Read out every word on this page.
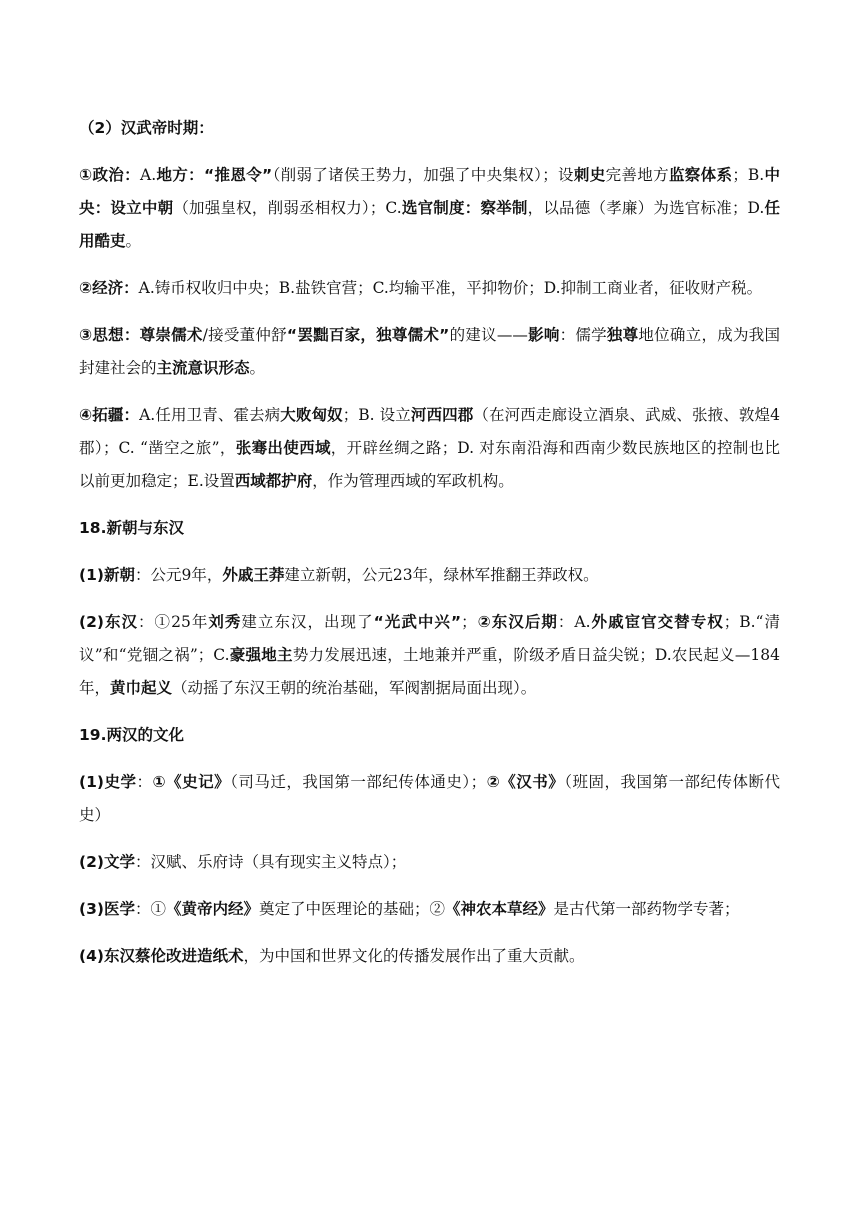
（2）汉武帝时期：

①政治：A.地方：“推恩令”（削弱了诸侯王势力，加强了中央集权）；设刺史完善地方监察体系；B.中央：设立中朝（加强皇权，削弱丞相权力）；C.选官制度：察举制，以品德（孝廉）为选官标准；D.任用酷吏。

②经济：A.铸币权收归中央；B.盐铁官营；C.均输平准，平抑物价；D.抑制工商业者，征收财产税。

③思想：尊崇儒术/接受董仲舒“罢黜百家，独尊儒术”的建议——影响：儒学独尊地位确立，成为我国封建社会的主流意识形态。

④拓疆：A.任用卫青、霍去病大败匈奴；B. 设立河西四郡（在河西走廊设立酒泉、武威、张掖、敦煌4郡）；C. “凿空之旅”，张骞出使西域，开辟丝绸之路；D. 对东南沿海和西南少数民族地区的控制也比以前更加稳定；E.设置西域都护府，作为管理西域的军政机构。

18.新朝与东汉

(1)新朝：公元9年，外戚王莽建立新朝，公元23年，绿林军推翻王莽政权。

(2)东汉：①25年刘秀建立东汉，出现了“光武中兴”；②东汉后期：A.外戚宦官交替专权；B.“清议”和“党锢之祸”；C.豪强地主势力发展迅速，土地兼并严重，阶级矛盾日益尖锐；D.农民起义—184年，黄巾起义（动摇了东汉王朝的统治基础，军阀割据局面出现）。

19.两汉的文化

(1)史学：①《史记》（司马迁，我国第一部纪传体通史）；②《汉书》（班固，我国第一部纪传体断代史）

(2)文学：汉赋、乐府诗（具有现实主义特点）；

(3)医学：①《黄帝内经》奠定了中医理论的基础；②《神农本草经》是古代第一部药物学专著；

(4)东汉蔡伦改进造纸术，为中国和世界文化的传播发展作出了重大贡献。
